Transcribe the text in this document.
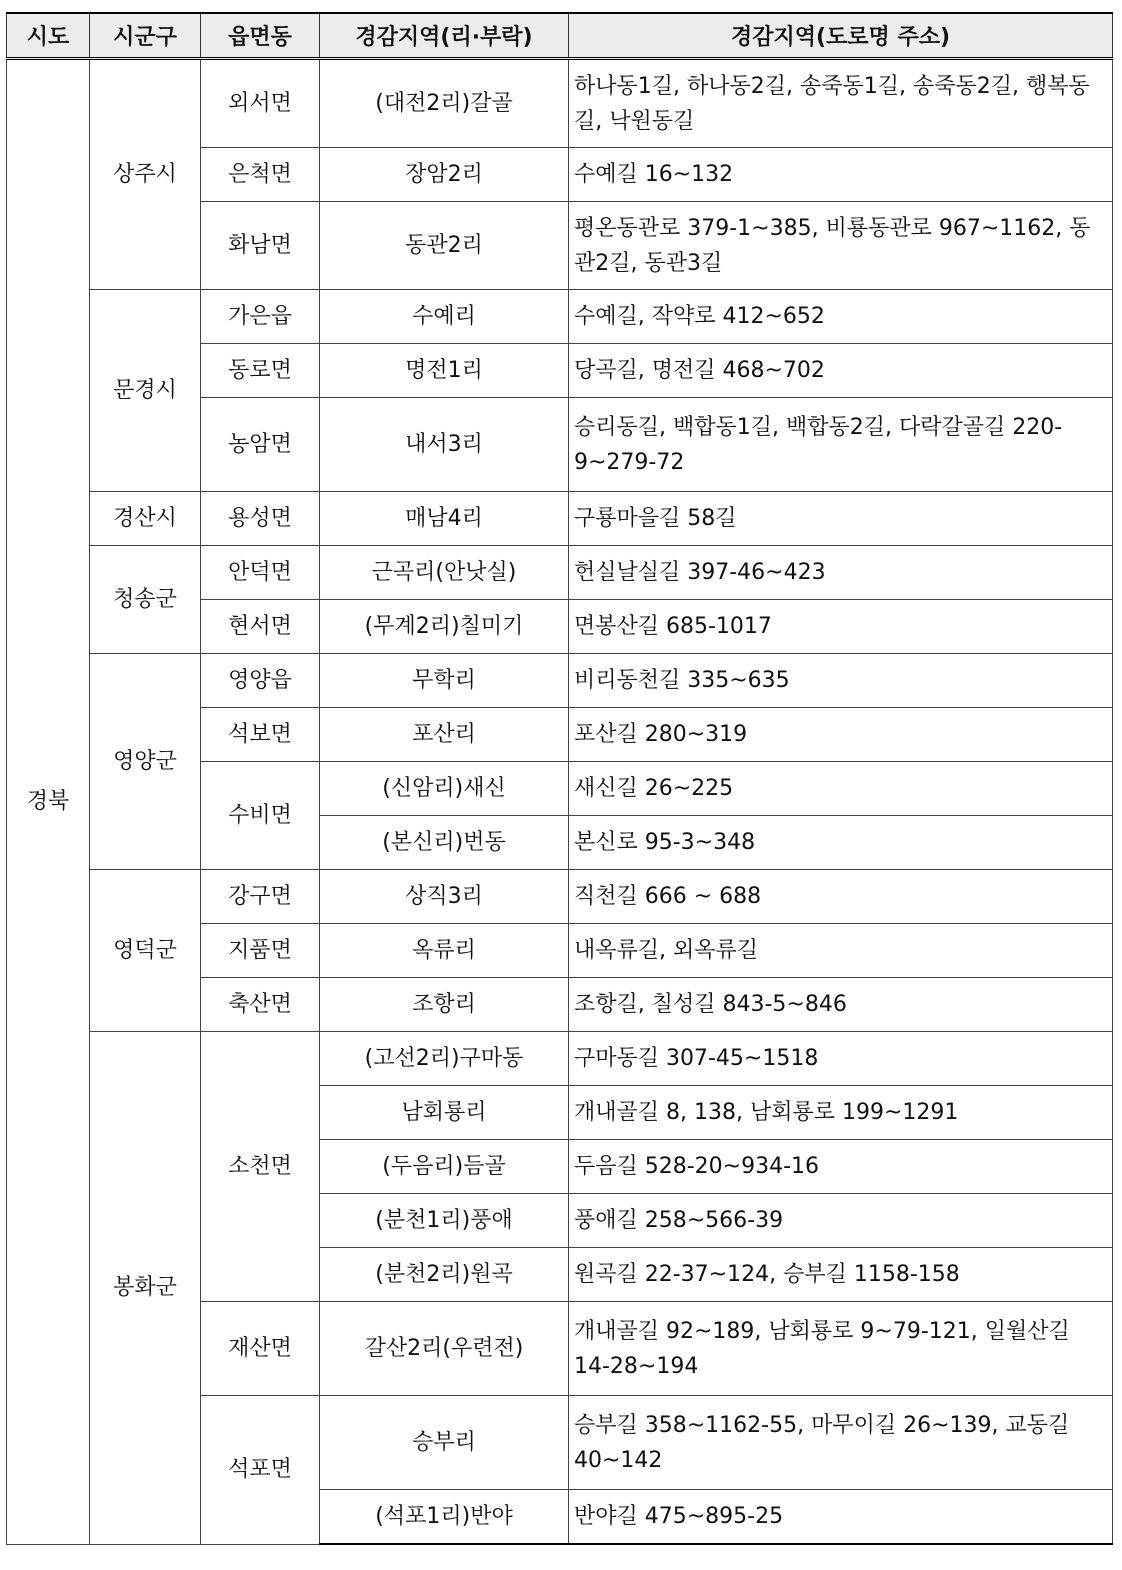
시도	시군구	읍면동	경감지역(리·부락)	경감지역(도로명 주소)
경북	상주시	외서면	(대전2리)갈골	하나동1길, 하나동2길, 송죽동1길, 송죽동2길, 행복동길, 낙원동길
		은척면	장암2리	수예길 16~132
		화남면	동관2리	평온동관로 379-1~385, 비룡동관로 967~1162, 동관2길, 동관3길
	문경시	가은읍	수예리	수예길, 작약로 412~652
		동로면	명전1리	당곡길, 명전길 468~702
		농암면	내서3리	승리동길, 백합동1길, 백합동2길, 다락갈골길 220-9~279-72
	경산시	용성면	매남4리	구룡마을길 58길
	청송군	안덕면	근곡리(안낫실)	헌실날실길 397-46~423
		현서면	(무계2리)칠미기	면봉산길 685-1017
	영양군	영양읍	무학리	비리동천길 335~635
		석보면	포산리	포산길 280~319
		수비면	(신암리)새신	새신길 26~225
			(본신리)번동	본신로 95-3~348
	영덕군	강구면	상직3리	직천길 666 ~ 688
		지품면	옥류리	내옥류길, 외옥류길
		축산면	조항리	조항길, 칠성길 843-5~846
	봉화군	소천면	(고선2리)구마동	구마동길 307-45~1518
			남회룡리	개내골길 8, 138, 남회룡로 199~1291
			(두음리)듬골	두음길 528-20~934-16
			(분천1리)풍애	풍애길 258~566-39
			(분천2리)원곡	원곡길 22-37~124, 승부길 1158-158
		재산면	갈산2리(우련전)	개내골길 92~189, 남회룡로 9~79-121, 일월산길 14-28~194
		석포면	승부리	승부길 358~1162-55, 마무이길 26~139, 교동길 40~142
			(석포1리)반야	반야길 475~895-25
